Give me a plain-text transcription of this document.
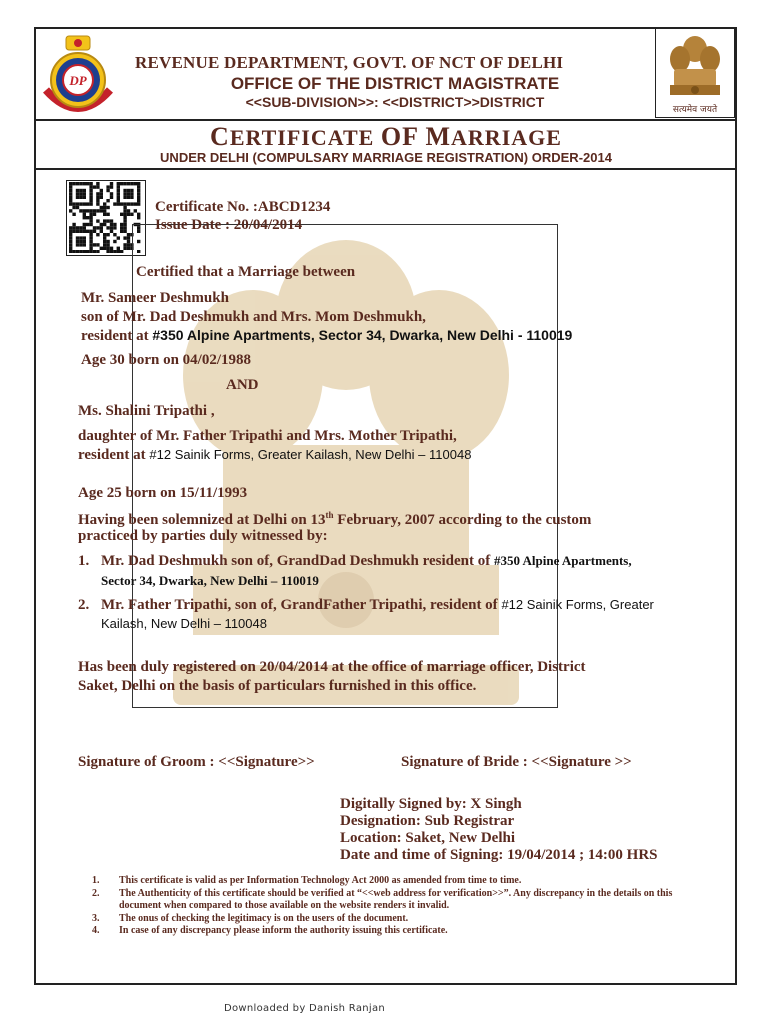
DP
सत्यमेव जयते
REVENUE DEPARTMENT, GOVT. OF NCT OF DELHI
OFFICE OF THE DISTRICT MAGISTRATE
<<SUB-DIVISION>>: <<DISTRICT>>DISTRICT
CERTIFICATE OF MARRIAGE
UNDER DELHI (COMPULSARY MARRIAGE REGISTRATION) ORDER-2014
Certificate No. :ABCD1234
Issue Date : 20/04/2014
Certified that a Marriage between
Mr. Sameer Deshmukh
son of Mr. Dad Deshmukh and Mrs. Mom Deshmukh,
resident at #350 Alpine Apartments, Sector 34, Dwarka, New Delhi - 110019
Age 30 born on 04/02/1988
AND
Ms. Shalini Tripathi ,
daughter of Mr. Father Tripathi and Mrs. Mother Tripathi,
resident at #12 Sainik Forms, Greater Kailash, New Delhi – 110048
Age 25 born on 15/11/1993
Having been solemnized at Delhi on 13th February, 2007 according to the custom
practiced by parties duly witnessed by:
1. Mr. Dad Deshmukh son of, GrandDad Deshmukh resident of #350 Alpine Apartments,
Sector 34, Dwarka, New Delhi – 110019
2. Mr. Father Tripathi, son of, GrandFather Tripathi, resident of #12 Sainik Forms, Greater
Kailash, New Delhi – 110048
Has been duly registered on 20/04/2014 at the office of marriage officer, District
Saket, Delhi on the basis of particulars furnished in this office.
Signature of Groom : <<Signature>>	Signature of Bride : <<Signature >>
Digitally Signed by: X Singh
Designation: Sub Registrar
Location: Saket, New Delhi
Date and time of Signing: 19/04/2014 ; 14:00 HRS
1.	This certificate is valid as per Information Technology Act 2000 as amended from time to time.
2.	The Authenticity of this certificate should be verified at “<<web address for verification>>”. Any discrepancy in the details on this document when compared to those available on the website renders it invalid.
3.	The onus of checking the legitimacy is on the users of the document.
4.	In case of any discrepancy please inform the authority issuing this certificate.
Downloaded by Danish Ranjan
